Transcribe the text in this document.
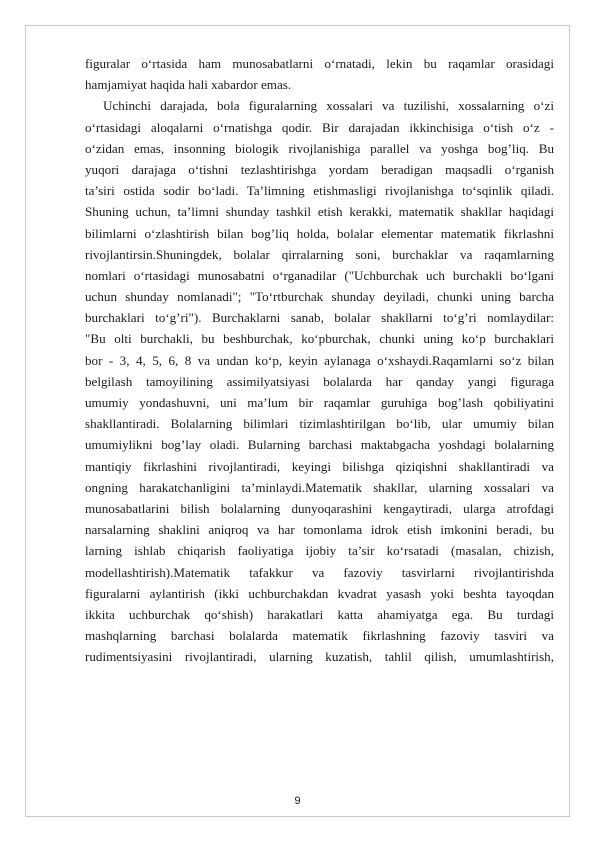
figuralar o‘rtasida ham munosabatlarni o‘rnatadi, lekin bu raqamlar orasidagi
hamjamiyat haqida hali xabardor emas.
Uchinchi darajada, bola figuralarning xossalari va tuzilishi, xossalarning o‘zi
o‘rtasidagi aloqalarni o‘rnatishga qodir. Bir darajadan ikkinchisiga o‘tish o‘z -
o‘zidan emas, insonning biologik rivojlanishiga parallel va yoshga bog’liq. Bu
yuqori darajaga o‘tishni tezlashtirishga yordam beradigan maqsadli o‘rganish
ta’siri ostida sodir bo‘ladi. Ta’limning etishmasligi rivojlanishga to‘sqinlik qiladi.
Shuning uchun, ta’limni shunday tashkil etish kerakki, matematik shakllar haqidagi
bilimlarni o‘zlashtirish bilan bog’liq holda, bolalar elementar matematik fikrlashni
rivojlantirsin.Shuningdek, bolalar qirralarning soni, burchaklar va raqamlarning
nomlari o‘rtasidagi munosabatni o‘rganadilar ("Uchburchak uch burchakli bo‘lgani
uchun shunday nomlanadi"; "To‘rtburchak shunday deyiladi, chunki uning barcha
burchaklari to‘g’ri"). Burchaklarni sanab, bolalar shakllarni to‘g’ri nomlaydilar:
"Bu olti burchakli, bu beshburchak, ko‘pburchak, chunki uning ko‘p burchaklari
bor - 3, 4, 5, 6, 8 va undan ko‘p, keyin aylanaga o‘xshaydi.Raqamlarni so‘z bilan
belgilash tamoyilining assimilyatsiyasi bolalarda har qanday yangi figuraga
umumiy yondashuvni, uni ma’lum bir raqamlar guruhiga bog’lash qobiliyatini
shakllantiradi. Bolalarning bilimlari tizimlashtirilgan bo‘lib, ular umumiy bilan
umumiylikni bog’lay oladi. Bularning barchasi maktabgacha yoshdagi bolalarning
mantiqiy fikrlashini rivojlantiradi, keyingi bilishga qiziqishni shakllantiradi va
ongning harakatchanligini ta’minlaydi.Matematik shakllar, ularning xossalari va
munosabatlarini bilish bolalarning dunyoqarashini kengaytiradi, ularga atrofdagi
narsalarning shaklini aniqroq va har tomonlama idrok etish imkonini beradi, bu
larning ishlab chiqarish faoliyatiga ijobiy ta’sir ko‘rsatadi (masalan, chizish,
modellashtirish).Matematik tafakkur va fazoviy tasvirlarni rivojlantirishda
figuralarni aylantirish (ikki uchburchakdan kvadrat yasash yoki beshta tayoqdan
ikkita uchburchak qo‘shish) harakatlari katta ahamiyatga ega. Bu turdagi
mashqlarning barchasi bolalarda matematik fikrlashning fazoviy tasviri va
rudimentsiyasini rivojlantiradi, ularning kuzatish, tahlil qilish, umumlashtirish,
9
